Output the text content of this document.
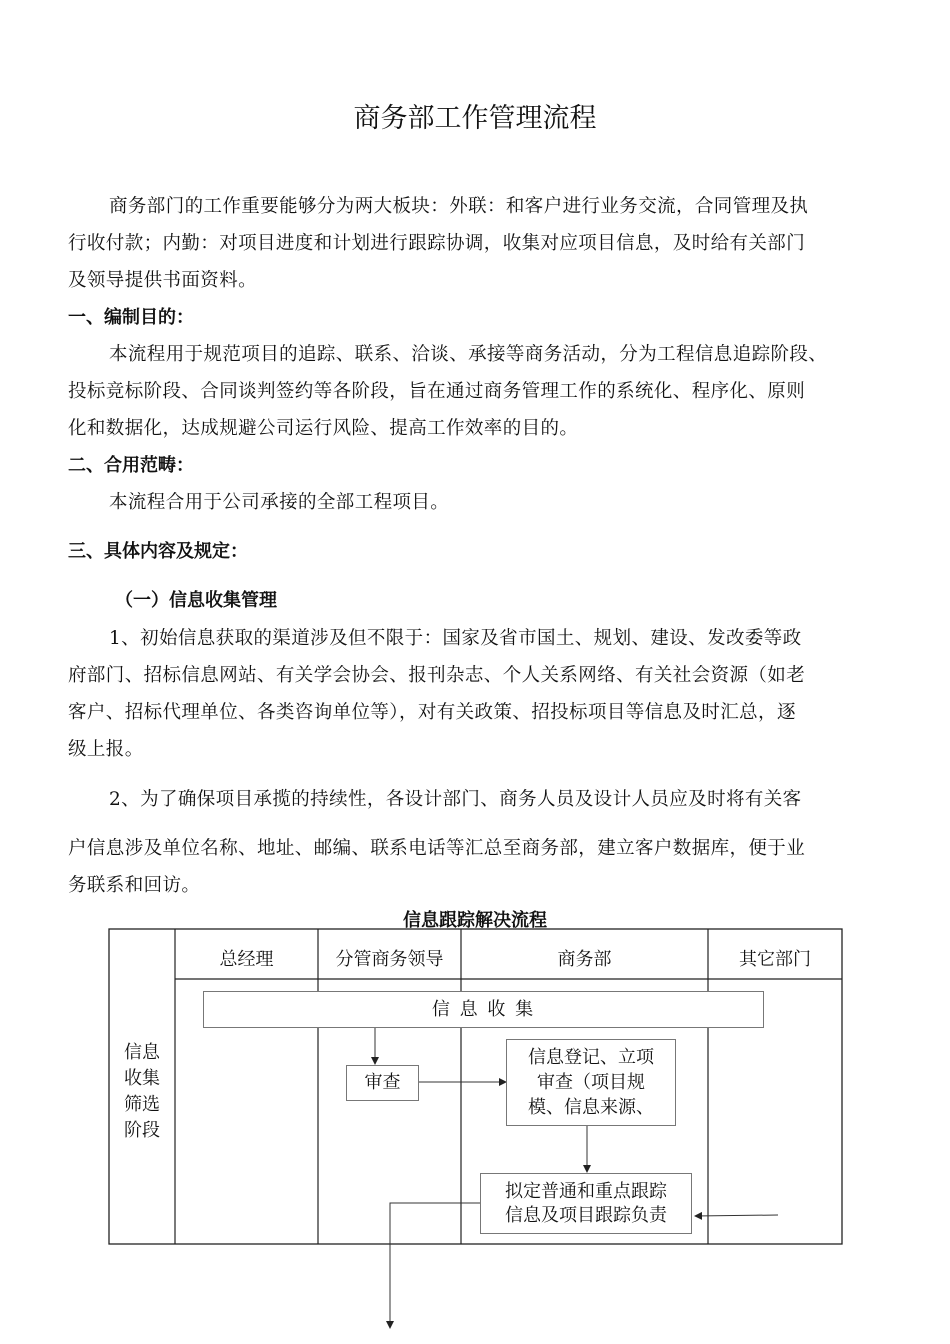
商务部工作管理流程
商务部门的工作重要能够分为两大板块：外联：和客户进行业务交流，合同管理及执
行收付款；内勤：对项目进度和计划进行跟踪协调，收集对应项目信息，及时给有关部门
及领导提供书面资料。
一、编制目的：
本流程用于规范项目的追踪、联系、洽谈、承接等商务活动，分为工程信息追踪阶段、
投标竞标阶段、合同谈判签约等各阶段，旨在通过商务管理工作的系统化、程序化、原则
化和数据化，达成规避公司运行风险、提高工作效率的目的。
二、合用范畴：
本流程合用于公司承接的全部工程项目。
三、具体内容及规定：
（一）信息收集管理
1、初始信息获取的渠道涉及但不限于：国家及省市国土、规划、建设、发改委等政
府部门、招标信息网站、有关学会协会、报刊杂志、个人关系网络、有关社会资源（如老
客户、招标代理单位、各类咨询单位等），对有关政策、招投标项目等信息及时汇总，逐
级上报。
2、为了确保项目承揽的持续性，各设计部门、商务人员及设计人员应及时将有关客
户信息涉及单位名称、地址、邮编、联系电话等汇总至商务部，建立客户数据库，便于业
务联系和回访。
信息跟踪解决流程
总经理	分管商务领导	商务部	其它部门
信息收集筛选阶段
信 息 收 集
审查
信息登记、立项
审查（项目规
模、信息来源、
拟定普通和重点跟踪
信息及项目跟踪负责
